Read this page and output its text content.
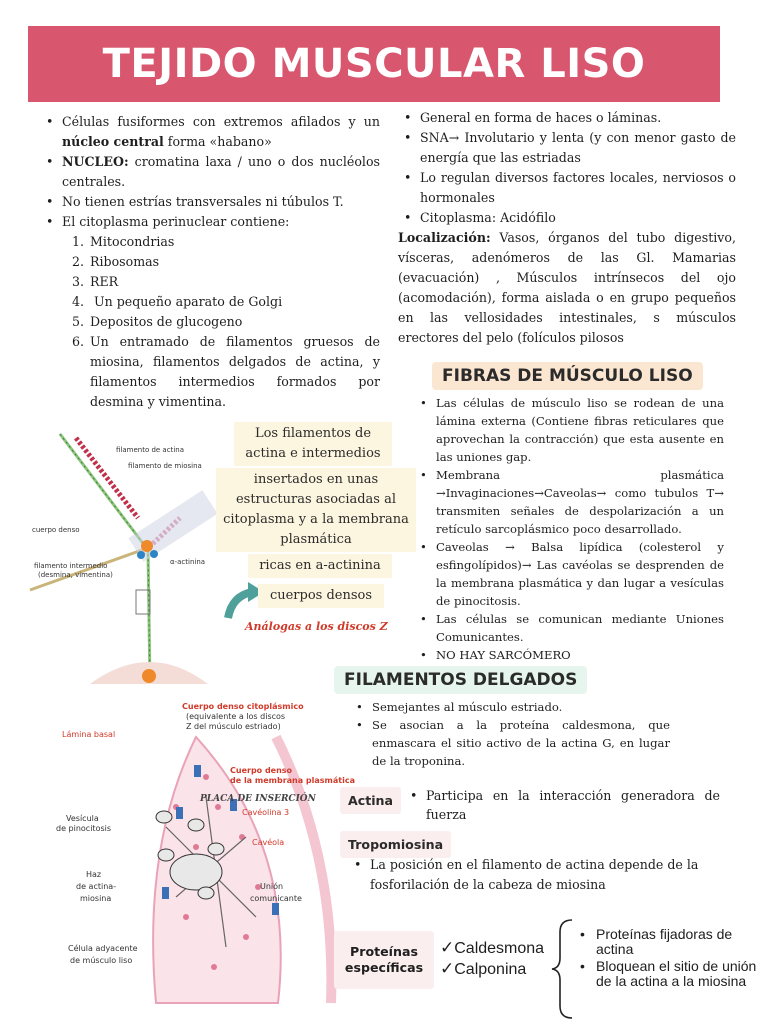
TEJIDO MUSCULAR LISO
• Células fusiformes con extremos afilados y un núcleo central forma «habano»
• NUCLEO: cromatina laxa / uno o dos nucléolos centrales.
• No tienen estrías transversales ni túbulos T.
• El citoplasma perinuclear contiene:
1. Mitocondrias
2. Ribosomas
3. RER
4. Un pequeño aparato de Golgi
5. Depositos de glucogeno
6. Un entramado de filamentos gruesos de miosina, filamentos delgados de actina, y filamentos intermedios formados por desmina y vimentina.
• General en forma de haces o láminas.
• SNA→ Involutario y lenta (y con menor gasto de energía que las estriadas
• Lo regulan diversos factores locales, nerviosos o hormonales
• Citoplasma: Acidófilo

Localización: Vasos, órganos del tubo digestivo, vísceras, adenómeros de las Gl. Mamarias (evacuación) , Músculos intrínsecos del ojo (acomodación), forma aislada o en grupo pequeños en las vellosidades intestinales, s músculos erectores del pelo (folículos pilosos

filamento de actina
filamento de miosina
cuerpo denso
α-actinina
filamento intermedio
(desmina, vimentina)
Los filamentos de actina e intermedios
insertados en unas estructuras asociadas al citoplasma y a la membrana plasmática
ricas en a-actinina
cuerpos densos
Análogas a los discos Z
FIBRAS DE MÚSCULO LISO
• Las células de músculo liso se rodean de una lámina externa (Contiene fibras reticulares que aprovechan la contracción) que esta ausente en las uniones gap.
• Membrana plasmática →Invaginaciones→Caveolas→ como tubulos T→ transmiten señales de despolarización a un retículo sarcoplásmico poco desarrollado.
• Caveolas → Balsa lipídica (colesterol y esfingolípidos)→ Las cavéolas se desprenden de la membrana plasmática y dan lugar a vesículas de pinocitosis.
• Las células se comunican mediante Uniones Comunicantes.
• NO HAY SARCÓMERO
Cuerpo denso citoplásmico
(equivalente a los discos
Z del músculo estriado)
Lámina basal
Cuerpo denso
de la membrana plasmática
PLACA DE INSERCIÓN
Cavéolina 3
Cavéola
Vesícula
de pinocitosis
Haz
de actina-
miosina
Unión
comunicante
Célula adyacente
de músculo liso
FILAMENTOS DELGADOS
• Semejantes al músculo estriado.
• Se asocian a la proteı́na caldesmona, que enmascara el sitio activo de la actina G, en lugar de la troponina.
Actina
•	Participa en la interacción generadora de fuerza
Tropomiosina
• La posición en el filamento de actina depende de la fosforilación de la cabeza de miosina
Proteínas específicas
✓Caldesmona
✓Calponina
• Proteínas fijadoras de actina
• Bloquean el sitio de unión de la actina a la miosina
